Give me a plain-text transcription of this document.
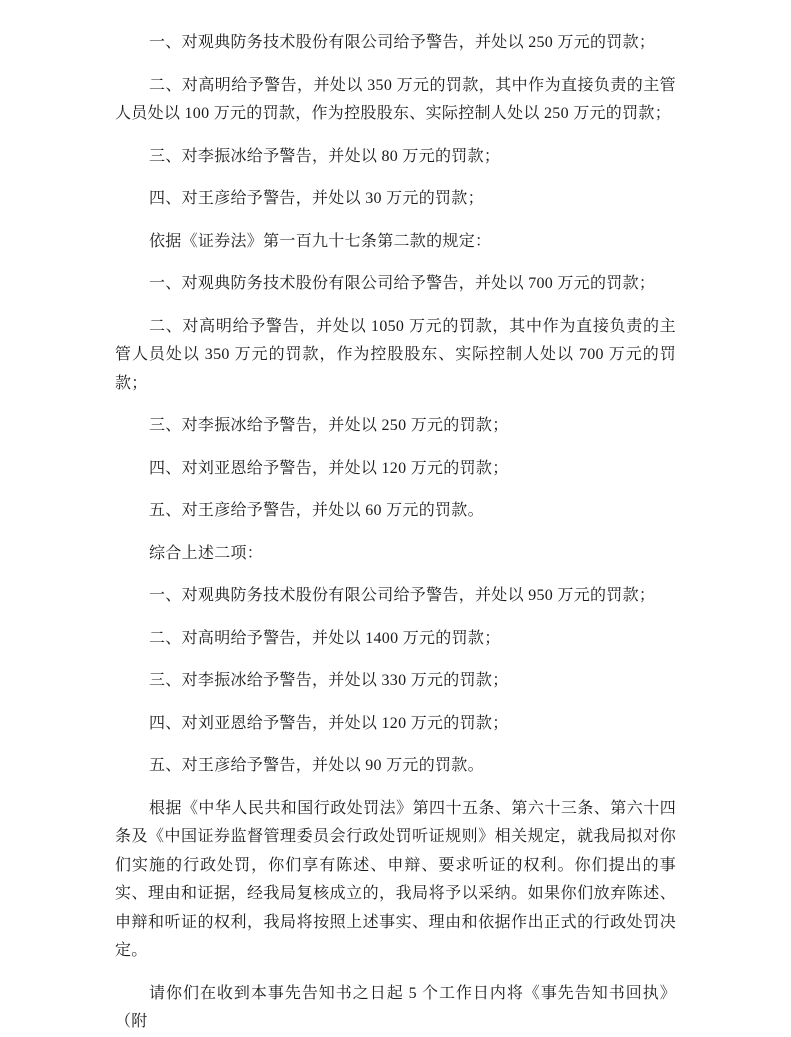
一、对观典防务技术股份有限公司给予警告，并处以 250 万元的罚款；

二、对高明给予警告，并处以 350 万元的罚款，其中作为直接负责的主管人员处以 100 万元的罚款，作为控股股东、实际控制人处以 250 万元的罚款；

三、对李振冰给予警告，并处以 80 万元的罚款；

四、对王彦给予警告，并处以 30 万元的罚款；

依据《证券法》第一百九十七条第二款的规定：

一、对观典防务技术股份有限公司给予警告，并处以 700 万元的罚款；

二、对高明给予警告，并处以 1050 万元的罚款，其中作为直接负责的主管人员处以 350 万元的罚款，作为控股股东、实际控制人处以 700 万元的罚款；

三、对李振冰给予警告，并处以 250 万元的罚款；

四、对刘亚恩给予警告，并处以 120 万元的罚款；

五、对王彦给予警告，并处以 60 万元的罚款。

综合上述二项：

一、对观典防务技术股份有限公司给予警告，并处以 950 万元的罚款；

二、对高明给予警告，并处以 1400 万元的罚款；

三、对李振冰给予警告，并处以 330 万元的罚款；

四、对刘亚恩给予警告，并处以 120 万元的罚款；

五、对王彦给予警告，并处以 90 万元的罚款。

根据《中华人民共和国行政处罚法》第四十五条、第六十三条、第六十四条及《中国证券监督管理委员会行政处罚听证规则》相关规定，就我局拟对你们实施的行政处罚，你们享有陈述、申辩、要求听证的权利。你们提出的事实、理由和证据，经我局复核成立的，我局将予以采纳。如果你们放弃陈述、申辩和听证的权利，我局将按照上述事实、理由和依据作出正式的行政处罚决定。

请你们在收到本事先告知书之日起 5 个工作日内将《事先告知书回执》（附
